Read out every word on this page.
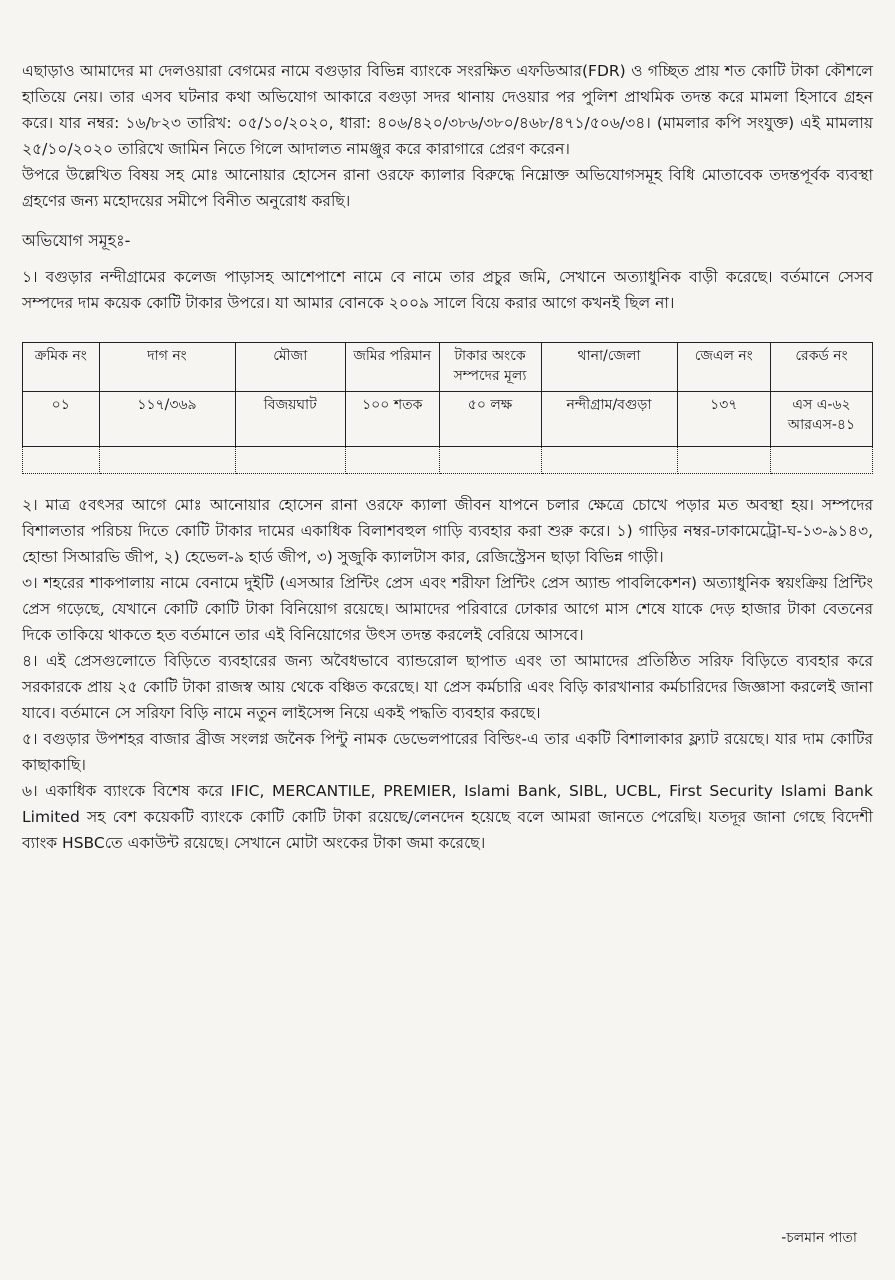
এছাড়াও আমাদের মা দেলওয়ারা বেগমের নামে বগুড়ার বিভিন্ন ব্যাংকে সংরক্ষিত এফডিআর(FDR) ও গচ্ছিত প্রায় শত কোটি টাকা কৌশলে হাতিয়ে নেয়। তার এসব ঘটনার কথা অভিযোগ আকারে বগুড়া সদর থানায় দেওয়ার পর পুলিশ প্রাথমিক তদন্ত করে মামলা হিসাবে গ্রহন করে। যার নম্বর: ১৬/৮২৩ তারিখ: ০৫/১০/২০২০, ধারা: ৪০৬/৪২০/৩৮৬/৩৮০/৪৬৮/৪৭১/৫০৬/৩৪। (মামলার কপি সংযুক্ত) এই মামলায় ২৫/১০/২০২০ তারিখে জামিন নিতে গিলে আদালত নামঞ্জুর করে কারাগারে প্রেরণ করেন।

উপরে উল্লেখিত বিষয় সহ মোঃ আনোয়ার হোসেন রানা ওরফে ক্যালার বিরুদ্ধে নিম্নোক্ত অভিযোগসমূহ বিধি মোতাবেক তদন্তপূর্বক ব্যবস্থা গ্রহণের জন্য মহোদয়ের সমীপে বিনীত অনুরোধ করছি।

অভিযোগ সমূহঃ-

১। বগুড়ার নন্দীগ্রামের কলেজ পাড়াসহ আশেপাশে নামে বে নামে তার প্রচুর জমি, সেখানে অত্যাধুনিক বাড়ী করেছে। বর্তমানে সেসব সম্পদের দাম কয়েক কোটি টাকার উপরে। যা আমার বোনকে ২০০৯ সালে বিয়ে করার আগে কখনই ছিল না।

ক্রমিক নং	দাগ নং	মৌজা	জমির পরিমান	টাকার অংকে সম্পদের মূল্য	থানা/জেলা	জেএল নং	রেকর্ড নং
০১	১১৭/৩৬৯	বিজয়ঘাট	১০০ শতক	৫০ লক্ষ	নন্দীগ্রাম/বগুড়া	১৩৭	এস এ-৬২ আরএস-৪১

২। মাত্র ৫বৎসর আগে মোঃ আনোয়ার হোসেন রানা ওরফে ক্যালা জীবন যাপনে চলার ক্ষেত্রে চোখে পড়ার মত অবস্থা হয়। সম্পদের বিশালতার পরিচয় দিতে কোটি টাকার দামের একাধিক বিলাশবহুল গাড়ি ব্যবহার করা শুরু করে। ১) গাড়ির নম্বর-ঢাকামেট্রো-ঘ-১৩-৯১৪৩, হোন্ডা সিআরভি জীপ, ২) হেভেল-৯ হার্ড জীপ, ৩) সুজুকি ক্যালটাস কার, রেজিস্ট্রেসন ছাড়া বিভিন্ন গাড়ী।

৩। শহরের শাকপালায় নামে বেনামে দুইটি (এসআর প্রিন্টিং প্রেস এবং শরীফা প্রিন্টিং প্রেস অ্যান্ড পাবলিকেশন) অত্যাধুনিক স্বয়ংক্রিয় প্রিন্টিং প্রেস গড়েছে, যেখানে কোটি কোটি টাকা বিনিয়োগ রয়েছে। আমাদের পরিবারে ঢোকার আগে মাস শেষে যাকে দেড় হাজার টাকা বেতনের দিকে তাকিয়ে থাকতে হত বর্তমানে তার এই বিনিয়োগের উৎস তদন্ত করলেই বেরিয়ে আসবে।

৪। এই প্রেসগুলোতে বিড়িতে ব্যবহারের জন্য অবৈধভাবে ব্যান্ডরোল ছাপাত এবং তা আমাদের প্রতিষ্ঠিত সরিফ বিড়িতে ব্যবহার করে সরকারকে প্রায় ২৫ কোটি টাকা রাজস্ব আয় থেকে বঞ্চিত করেছে। যা প্রেস কর্মচারি এবং বিড়ি কারখানার কর্মচারিদের জিজ্ঞাসা করলেই জানা যাবে। বর্তমানে সে সরিফা বিড়ি নামে নতুন লাইসেন্স নিয়ে একই পদ্ধতি ব্যবহার করছে।

৫। বগুড়ার উপশহর বাজার ব্রীজ সংলগ্ন জনৈক পিন্টু নামক ডেভেলপারের বিল্ডিং-এ তার একটি বিশালাকার ফ্ল্যাট রয়েছে। যার দাম কোটির কাছাকাছি।

৬। একাধিক ব্যাংকে বিশেষ করে IFIC, MERCANTILE, PREMIER, Islami Bank, SIBL, UCBL, First Security Islami Bank Limited সহ বেশ কয়েকটি ব্যাংকে কোটি কোটি টাকা রয়েছে/লেনদেন হয়েছে বলে আমরা জানতে পেরেছি। যতদূর জানা গেছে বিদেশী ব্যাংক HSBCতে একাউন্ট রয়েছে। সেখানে মোটা অংকের টাকা জমা করেছে।

-চলমান পাতা
